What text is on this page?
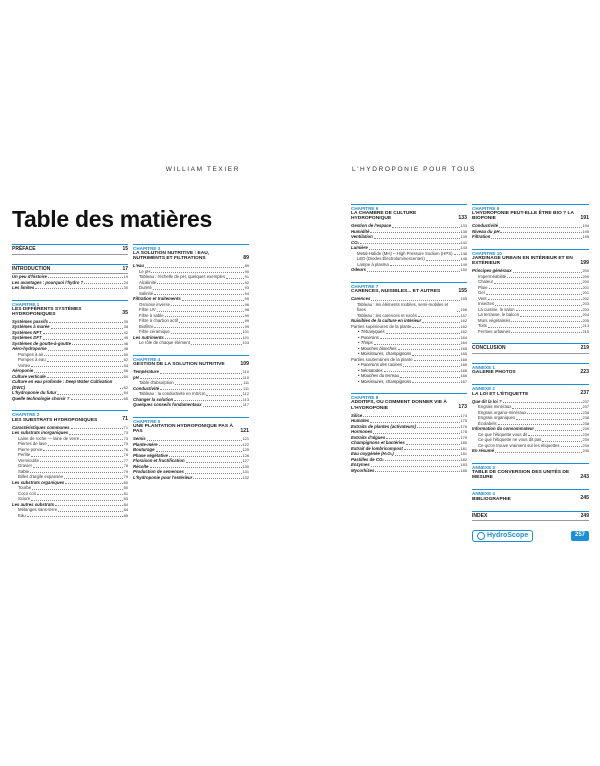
WILLIAM TEXIER	L'HYDROPONIE POUR TOUS
Table des matières
PRÉFACE	15
INTRODUCTION	17
Un peu d'histoire	19
Les avantages : pourquoi l'hydro ?	24
Les limites	30
CHAPITRE 1
LES DIFFÉRENTS SYSTÈMES HYDROPONIQUES	35
Systèmes passifs	35
Systèmes à marée	38
Systèmes NFT	42
Systèmes DFT	45
Systèmes de goutte-à-goutte	46
Aéro-hydroponie	48
Pompes à air	50
Pompes à eau	52
Vortex	54
Aéroponie	56
Culture verticale	60
Culture en eau profonde : Deep Water Cultivation (DWC)	62
L'hydroponie du futur	64
Quelle technologie choisir ?	65
CHAPITRE 2
LES SUBSTRATS HYDROPONIQUES	71
Caractéristiques communes	71
Les substrats inorganiques	73
Laine de roche — laine de verre	73
Pierres de lave	75
Pierre ponce	76
Perlite	76
Vermiculite	77
Gravier	78
Sable	79
Billes d'argile expansée	79
Les substrats organiques	80
Tourbe	80
Coco coir	81
Sciure	83
Les autres substrats	84
Mélanges sans-terre	84
Eau	85
CHAPITRE 3
LA SOLUTION NUTRITIVE : EAU, NUTRIMENTS ET FILTRATIONS	89
L'eau	89
Le pH	90
Tableau : l'échelle de pH, quelques exemples	91
Alcalinité	92
Dureté	93
Salinité	94
Filtration et traitements	95
Osmose inverse	96
Filtre UV	98
Filtre à sable	99
Filtre à charbon actif	99
Biofiltre	99
Filtre céramique	101
Les nutriments	101
Le rôle de chaque élément	103
CHAPITRE 4
GESTION DE LA SOLUTION NUTRITIVE	109
Température	110
pH	110
Table d'absorption	111
Conductivité	111
Tableau : la conductivité en mS/cm	112
Changer la solution	113
Quelques conseils fondamentaux	117
CHAPITRE 5
UNE PLANTATION HYDROPONIQUE PAS À PAS	121
Semis	121
Plante-mère	122
Bouturage	125
Phase végétative	126
Floraison et fructification	127
Récolte	130
Production de semences	131
L'hydroponie pour l'extérieur	132
CHAPITRE 6
LA CHAMBRE DE CULTURE HYDROPONIQUE	133
Gestion de l'espace	133
Humidité	138
Ventilation	139
CO₂	141
Lumière	143
Metal-Halide (MH) – High Pressure Sodium (HPS) 146
LED (Diodes Électroluminescentes)	148
Lampe à plasma	149
Odeurs	150
CHAPITRE 7
CARENCES, NUISIBLES... ET AUTRES	155
Carences	155
Tableau : les éléments mobiles, semi-mobiles et fixes	156
Tableau : les carences et excès	157
Nuisibles de la culture en intérieur	162
Parties supérieures de la plante	162
• Tétranyques	162
• Pucerons	164
• Thrips	164
• Mouches blanches	165
• Moisissures, champignons	165
Parties souterraines de la plante	166
• Pucerons des racines	166
• Nématodes	166
• Mouches du terreau	166
• Moisissures, champignons	167
CHAPITRE 8
ADDITIFS, OU COMMENT DONNER VIE À L'HYDROPONIE	173
Silice	174
Humates	175
Extraits de plantes (activateurs)	176
Hormones	178
Extraits d'algues	179
Champignons et bactéries	180
Extrait de lombricompost	181
Eau oxygénée (H₂O₂)	181
Pastilles de CO₂	182
Enzymes	183
Mycorhizes	185
CHAPITRE 9
L'HYDROPONIE PEUT-ELLE ÊTRE BIO ? LA BIOPONIE	191
Conductivité	194
Niveau du pH	195
Filtration	195
CHAPITRE 10
JARDINAGE URBAIN EN INTÉRIEUR ET EN EXTÉRIEUR	199
Principes généraux	200
Imperméabilité	200
Chaleur	200
Pluie	201
Gel	201
Vent	202
Insectes	203
La cuisine, le salon	203
La terrasse, le balcon	204
Murs végétalisés	205
Toits	213
Fermes urbaines	215
CONCLUSION	219
ANNEXE 1
GALERIE PHOTOS	223
ANNEXE 2
LA LOI ET L'ÉTIQUETTE	237
Que dit la loi ?	237
Engrais minéraux	237
Engrais organo-minéraux	238
Engrais organiques	238
Écolabels	238
Information du consommateur	239
Ce que l'étiquette vous dit	239
Ce que l'étiquette ne vous dit pas	239
Ce qu'on trouve vraiment sur les étiquettes	239
En résumé	240
ANNEXE 3
TABLE DE CONVERSION DES UNITÉS DE MESURE	243
ANNEXE 4
BIBLIOGRAPHIE	245
INDEX	249
HydroScope	257
